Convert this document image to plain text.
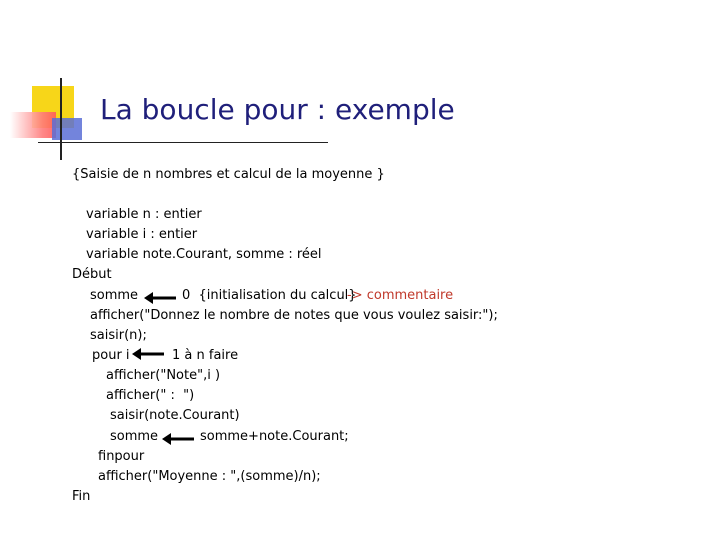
La boucle pour : exemple
{Saisie de n nombres et calcul de la moyenne }
variable n : entier
variable i : entier
variable note.Courant, somme : réel
Début
somme	0  {initialisation du calcul}
-> commentaire
afficher("Donnez le nombre de notes que vous voulez saisir:");
saisir(n);
pour i	1 à n faire
afficher("Note",i )
afficher(" :  ")
saisir(note.Courant)
somme	somme+note.Courant;
finpour
afficher("Moyenne : ",(somme)/n);
Fin
